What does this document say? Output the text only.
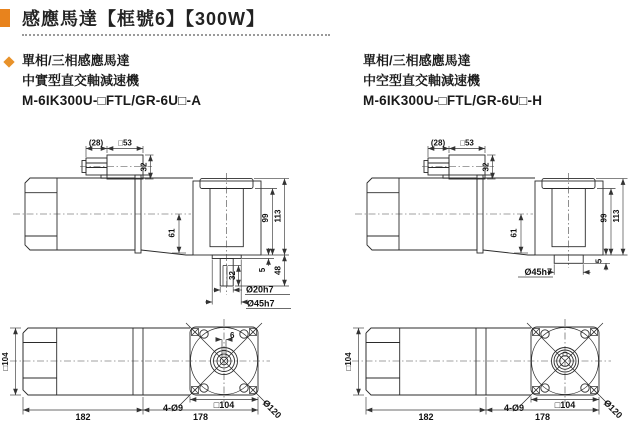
感應馬達【框號6】【300W】
單相/三相感應馬達
中實型直交軸減速機
M-6IK300U-□FTL/GR-6U□-A
單相/三相感應馬達
中空型直交軸減速機
M-6IK300U-□FTL/GR-6U□-H
(28) □53
32
61
99 113
5 48
32
Ø20h7
Ø45h7
(28) □53
32
61
99 113
5
Ø45h7
□104
182	178
□104
4-Ø9	Ø120
6
□104
182	178
□104
4-Ø9	Ø120
